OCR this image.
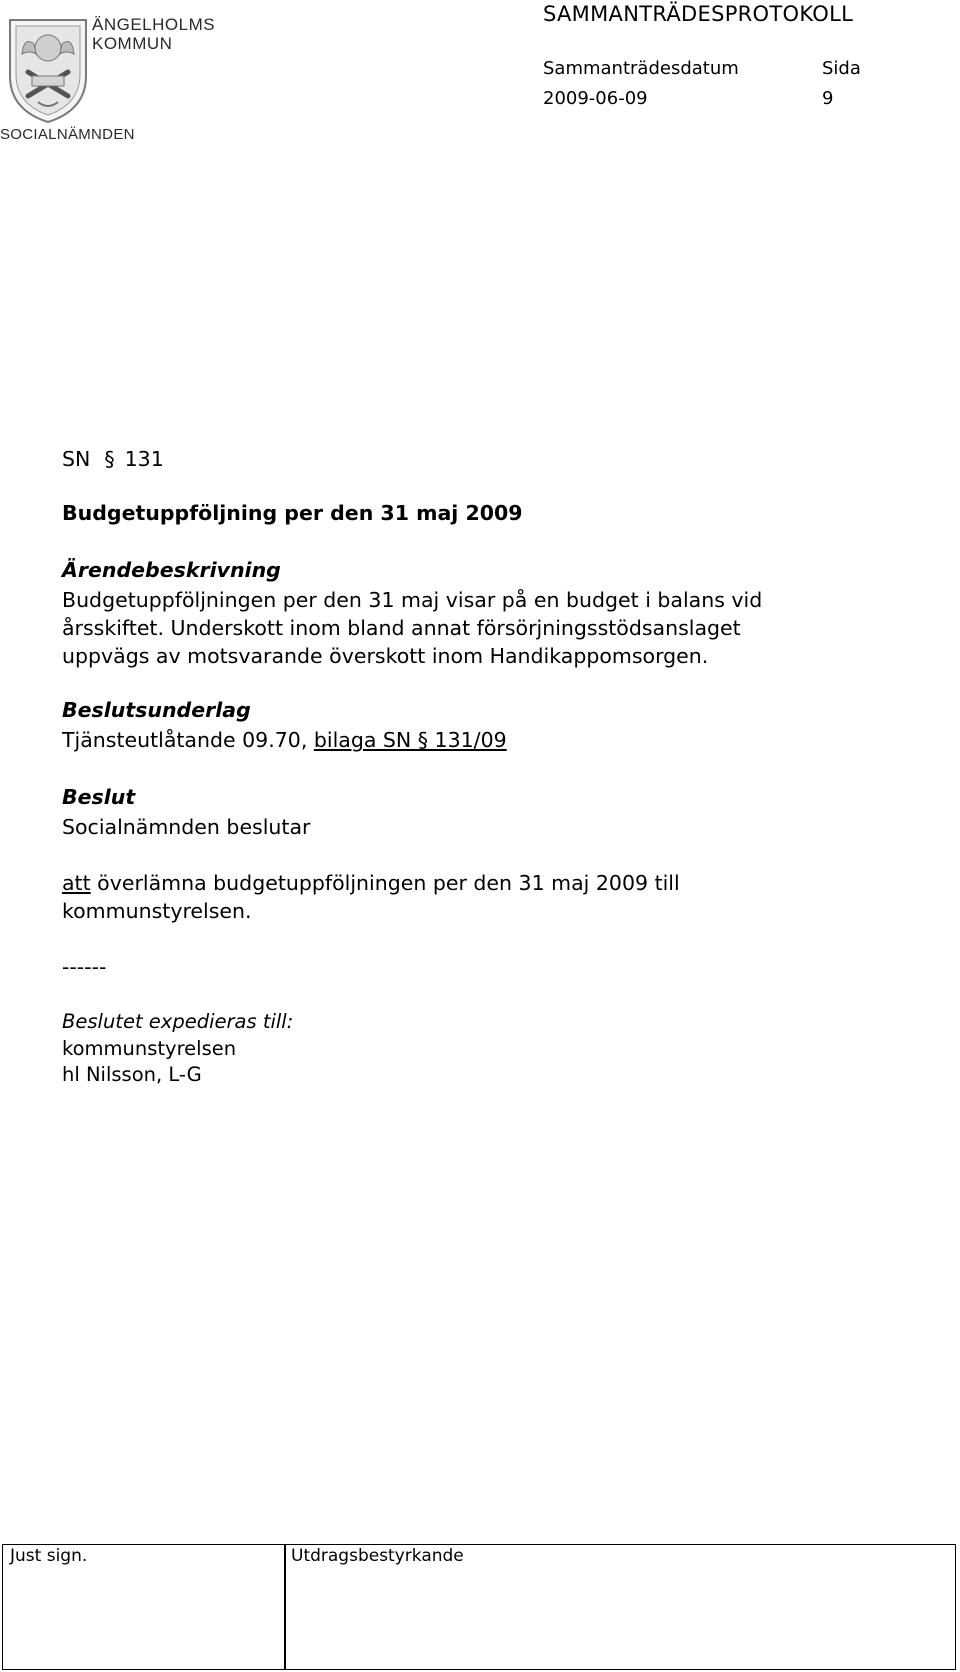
ÄNGELHOLMS
KOMMUN
SOCIALNÄMNDEN
SAMMANTRÄDESPROTOKOLL
Sammanträdesdatum	Sida
2009-06-09	9
SN § 131
Budgetuppföljning per den 31 maj 2009
Ärendebeskrivning
Budgetuppföljningen per den 31 maj visar på en budget i balans vid
årsskiftet. Underskott inom bland annat försörjningsstödsanslaget
uppvägs av motsvarande överskott inom Handikappomsorgen.
Beslutsunderlag
Tjänsteutlåtande 09.70, bilaga SN § 131/09
Beslut
Socialnämnden beslutar
att överlämna budgetuppföljningen per den 31 maj 2009 till
kommunstyrelsen.
------
Beslutet expedieras till:
kommunstyrelsen
hl Nilsson, L-G
Just sign.	Utdragsbestyrkande
